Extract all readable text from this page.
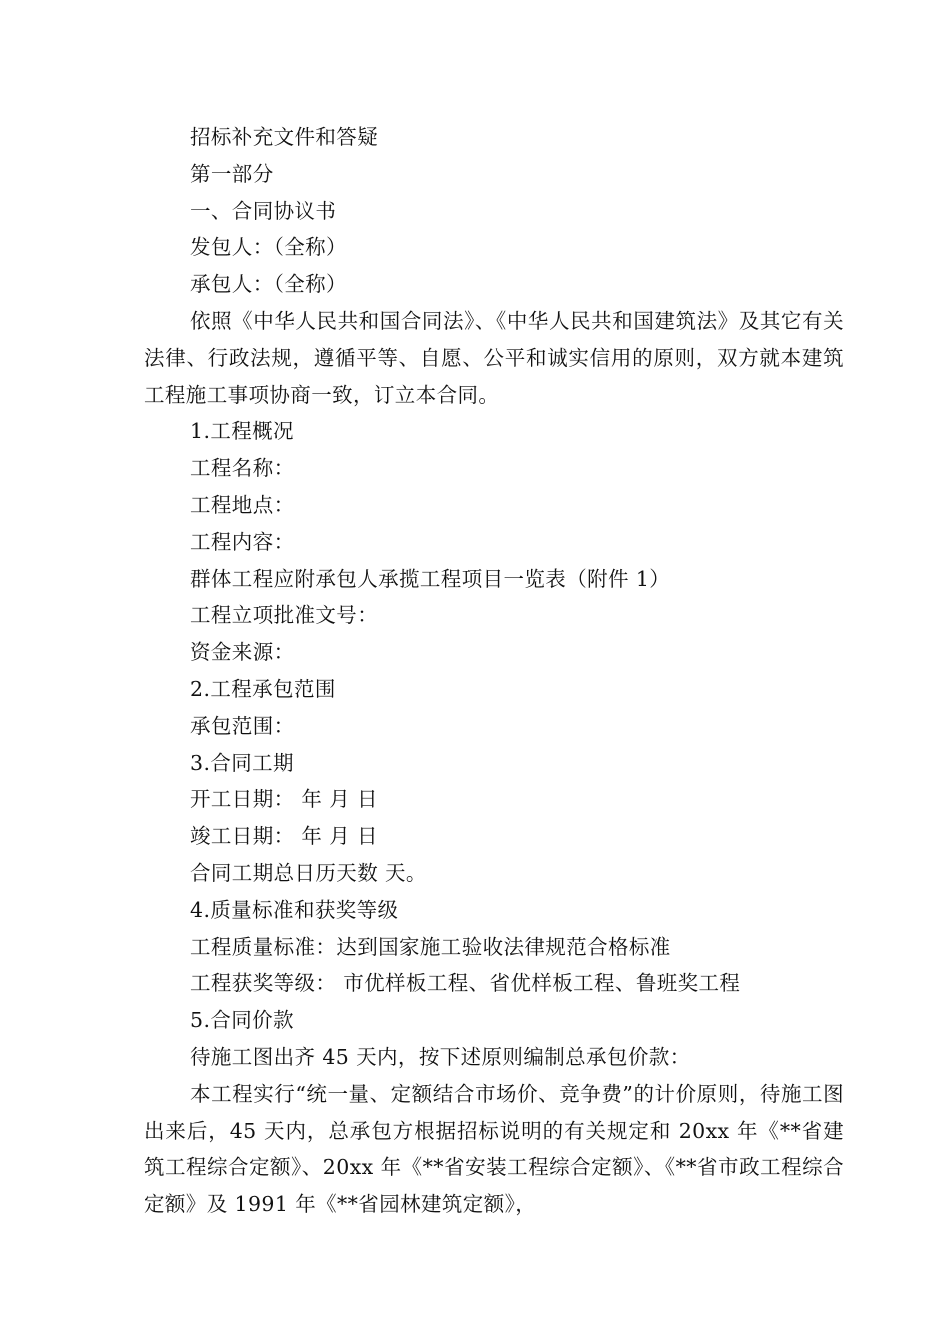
招标补充文件和答疑

第一部分

一、合同协议书

发包人：（全称）

承包人：（全称）

依照《中华人民共和国合同法》、《中华人民共和国建筑法》及其它有关法律、行政法规，遵循平等、自愿、公平和诚实信用的原则，双方就本建筑工程施工事项协商一致，订立本合同。

1.工程概况

工程名称：

工程地点：

工程内容：

群体工程应附承包人承揽工程项目一览表（附件 1）

工程立项批准文号：

资金来源：

2.工程承包范围

承包范围：

3.合同工期

开工日期： 年 月 日

竣工日期： 年 月 日

合同工期总日历天数 天。

4.质量标准和获奖等级

工程质量标准：达到国家施工验收法律规范合格标准

工程获奖等级： 市优样板工程、省优样板工程、鲁班奖工程

5.合同价款

待施工图出齐 45 天内，按下述原则编制总承包价款：

本工程实行“统一量、定额结合市场价、竞争费”的计价原则，待施工图出来后，45 天内，总承包方根据招标说明的有关规定和 20xx 年《**省建筑工程综合定额》、20xx 年《**省安装工程综合定额》、《**省市政工程综合定额》及 1991 年《**省园林建筑定额》，
